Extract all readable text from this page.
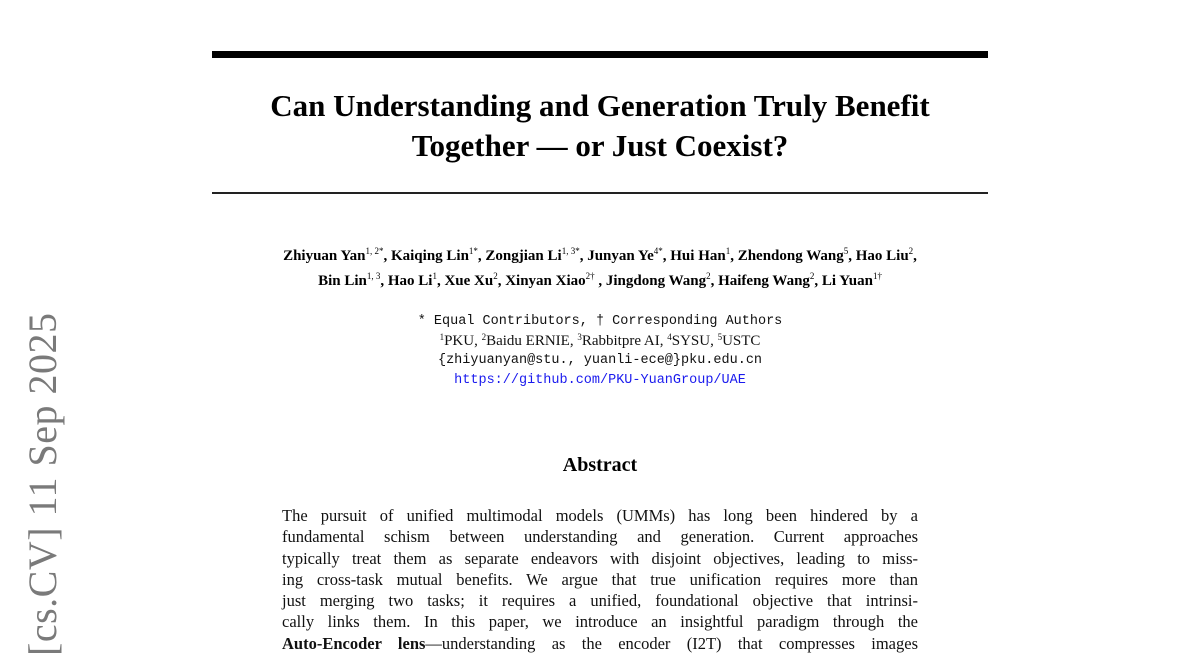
[cs.CV] 11 Sep 2025
Can Understanding and Generation Truly Benefit
Together — or Just Coexist?
Zhiyuan Yan$^{1, 2*}$, Kaiqing Lin$^{1*}$, Zongjian $Li^{1, 3*}$, Junyan $Ye^{4*}$, Hui Han$^1$, Zhendong Wang$^5$, Hao Liu$^2$,
Bin Lin$^{1, 3}$, Hao Li$^1$, Xue Xu$^2$, Xinyan Xiao$^{2\dagger}$ , Jingdong Wang$^2$, Haifeng Wang$^2$, Li Yuan$^{1\dagger}$
* Equal Contributors, † Corresponding Authors
$^1$PKU, $^2$Baidu ERNIE, $^3$Rabbitpre AI, $^4$SYSU, $^5$USTC
{zhiyuanyan@stu., yuanli-ece@}pku.edu.cn
https://github.com/PKU-YuanGroup/UAE
Abstract
The pursuit of unified multimodal models (UMMs) has long been hindered by a
fundamental schism between understanding and generation. Current approaches
typically treat them as separate endeavors with disjoint objectives, leading to miss-
ing cross-task mutual benefits. We argue that true unification requires more than
just merging two tasks; it requires a unified, foundational objective that intrinsi-
cally links them. In this paper, we introduce an insightful paradigm through the
Auto-Encoder lens—understanding as the encoder (I2T) that compresses images
